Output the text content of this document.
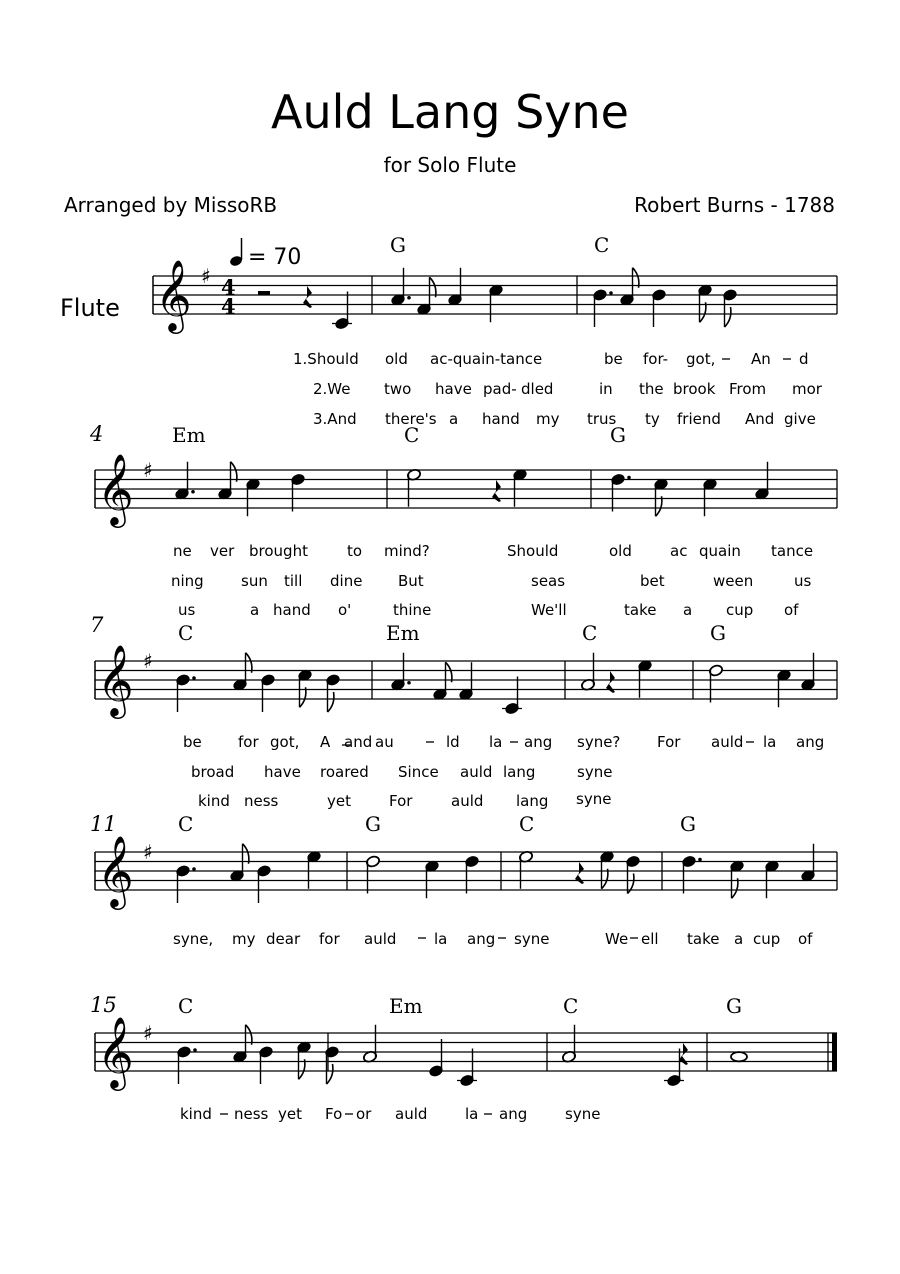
Auld Lang Syne
for Solo Flute
Arranged by MissoRB	Robert Burns - 1788
= 70
Flute
4
7
11
15
G	C
Em	C	G
C	Em	C	G
C	G	C	G
C	Em	C	G
𝄞 ♯ 4
4
𝄞 ♯
𝄞 ♯
𝄞 ♯
𝄞 ♯
1.Should old ac-quain-tance	be for- got, An d
2.We two have pad- dled	in the brook From mor
3.And there's a hand my trus ty friend And give
ne ver brought	to mind?	Should	old	ac quain tance
ning sun till dine But	seas	bet	ween	us
us	a hand o'	thine	We'll	take a cup of
be for got, A and au	ld la ang syne? For auld la ang
broad have roared Since auld lang	syne
kind ness	yet	For	auld lang syne
syne, my dear for auld	la ang syne	We ell take a cup of
kind ness yet Fo or auld	la ang	syne
